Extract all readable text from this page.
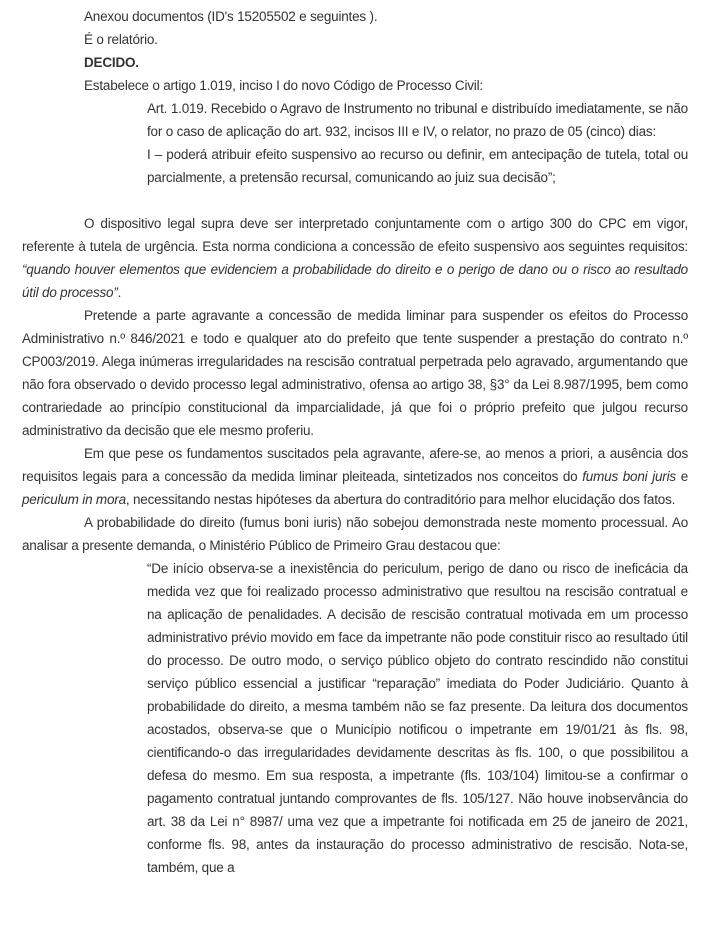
Anexou documentos (ID's 15205502 e seguintes ).

É o relatório.

DECIDO.

Estabelece o artigo 1.019, inciso I do novo Código de Processo Civil:

Art. 1.019. Recebido o Agravo de Instrumento no tribunal e distribuído imediatamente, se não for o caso de aplicação do art. 932, incisos III e IV, o relator, no prazo de 05 (cinco) dias:
I – poderá atribuir efeito suspensivo ao recurso ou definir, em antecipação de tutela, total ou parcialmente, a pretensão recursal, comunicando ao juiz sua decisão”;

O dispositivo legal supra deve ser interpretado conjuntamente com o artigo 300 do CPC em vigor, referente à tutela de urgência. Esta norma condiciona a concessão de efeito suspensivo aos seguintes requisitos: “quando houver elementos que evidenciem a probabilidade do direito e o perigo de dano ou o risco ao resultado útil do processo”.

Pretende a parte agravante a concessão de medida liminar para suspender os efeitos do Processo Administrativo n.º 846/2021 e todo e qualquer ato do prefeito que tente suspender a prestação do contrato n.º CP003/2019. Alega inúmeras irregularidades na rescisão contratual perpetrada pelo agravado, argumentando que não fora observado o devido processo legal administrativo, ofensa ao artigo 38, §3° da Lei 8.987/1995, bem como contrariedade ao princípio constitucional da imparcialidade, já que foi o próprio prefeito que julgou recurso administrativo da decisão que ele mesmo proferiu.

Em que pese os fundamentos suscitados pela agravante, afere-se, ao menos a priori, a ausência dos requisitos legais para a concessão da medida liminar pleiteada, sintetizados nos conceitos do fumus boni juris e periculum in mora, necessitando nestas hipóteses da abertura do contraditório para melhor elucidação dos fatos.

A probabilidade do direito (fumus boni iuris) não sobejou demonstrada neste momento processual. Ao analisar a presente demanda, o Ministério Público de Primeiro Grau destacou que:

“De início observa-se a inexistência do periculum, perigo de dano ou risco de ineficácia da medida vez que foi realizado processo administrativo que resultou na rescisão contratual e na aplicação de penalidades. A decisão de rescisão contratual motivada em um processo administrativo prévio movido em face da impetrante não pode constituir risco ao resultado útil do processo. De outro modo, o serviço público objeto do contrato rescindido não constitui serviço público essencial a justificar “reparação” imediata do Poder Judiciário. Quanto à probabilidade do direito, a mesma também não se faz presente. Da leitura dos documentos acostados, observa-se que o Município notificou o impetrante em 19/01/21 às fls. 98, cientificando-o das irregularidades devidamente descritas às fls. 100, o que possibilitou a defesa do mesmo. Em sua resposta, a impetrante (fls. 103/104) limitou-se a confirmar o pagamento contratual juntando comprovantes de fls. 105/127. Não houve inobservância do art. 38 da Lei n° 8987/ uma vez que a impetrante foi notificada em 25 de janeiro de 2021, conforme fls. 98, antes da instauração do processo administrativo de rescisão. Nota-se, também, que a
